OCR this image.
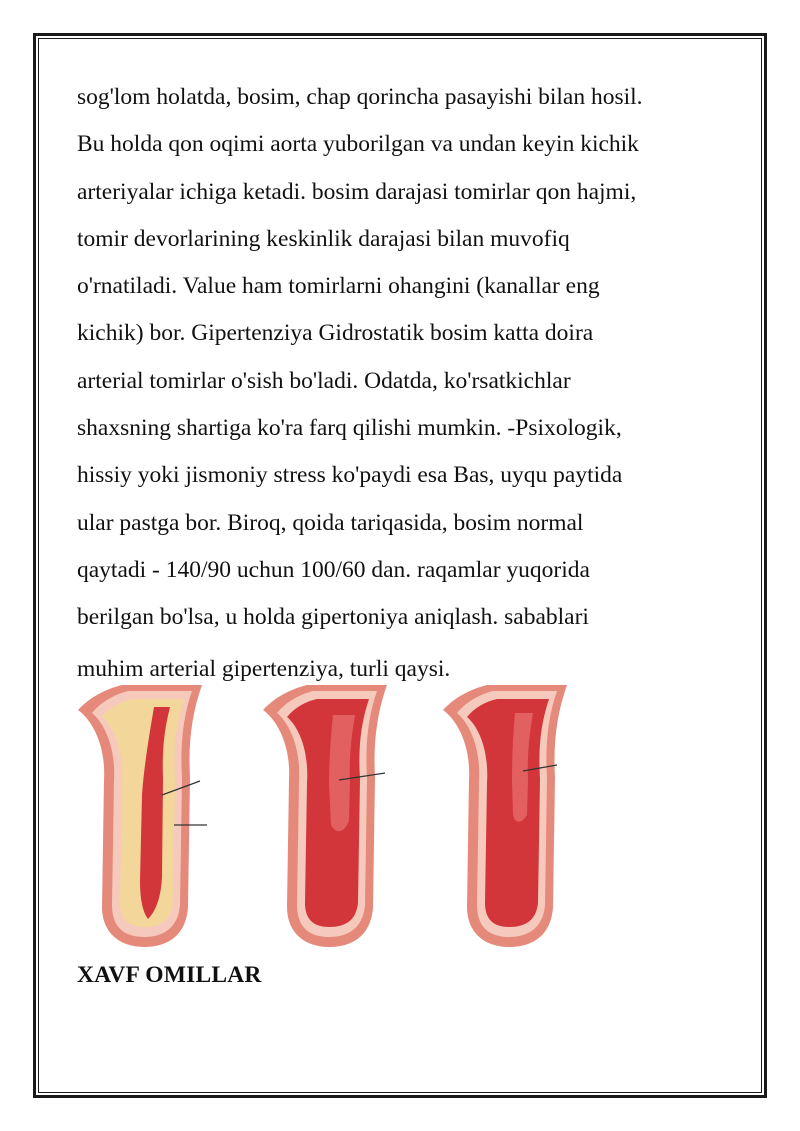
sog'lom holatda, bosim, chap qorincha pasayishi bilan hosil.
Bu holda qon oqimi aorta yuborilgan va undan keyin kichik
arteriyalar ichiga ketadi. bosim darajasi tomirlar qon hajmi,
tomir devorlarining keskinlik darajasi bilan muvofiq
o'rnatiladi. Value ham tomirlarni ohangini (kanallar eng
kichik) bor. Gipertenziya Gidrostatik bosim katta doira
arterial tomirlar o'sish bo'ladi. Odatda, ko'rsatkichlar
shaxsning shartiga ko'ra farq qilishi mumkin. -Psixologik,
hissiy yoki jismoniy stress ko'paydi esa Bas, uyqu paytida
ular pastga bor. Biroq, qoida tariqasida, bosim normal
qaytadi - 140/90 uchun 100/60 dan. raqamlar yuqorida
berilgan bo'lsa, u holda gipertoniya aniqlash. sabablari
muhim arterial gipertenziya, turli qaysi.
XAVF OMILLAR
